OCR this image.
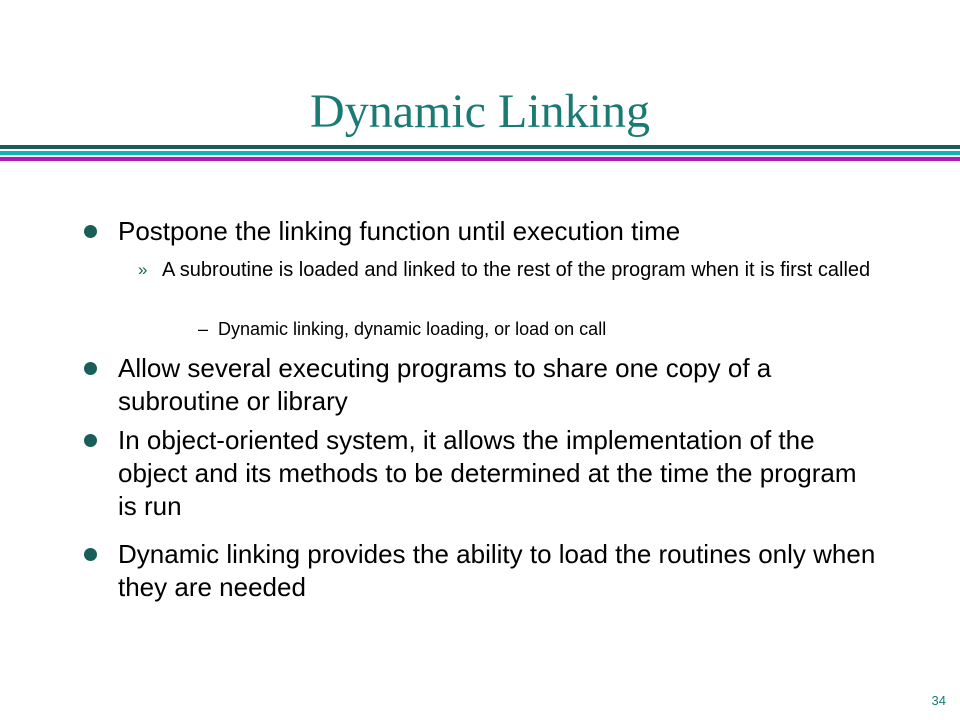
Dynamic Linking
Postpone the linking function until execution time
» A subroutine is loaded and linked to the rest of the program when it is first called
– Dynamic linking, dynamic loading, or load on call
Allow several executing programs to share one copy of a subroutine or library
In object-oriented system, it allows the implementation of the object and its methods to be determined at the time the program is run
Dynamic linking provides the ability to load the routines only when they are needed
34
